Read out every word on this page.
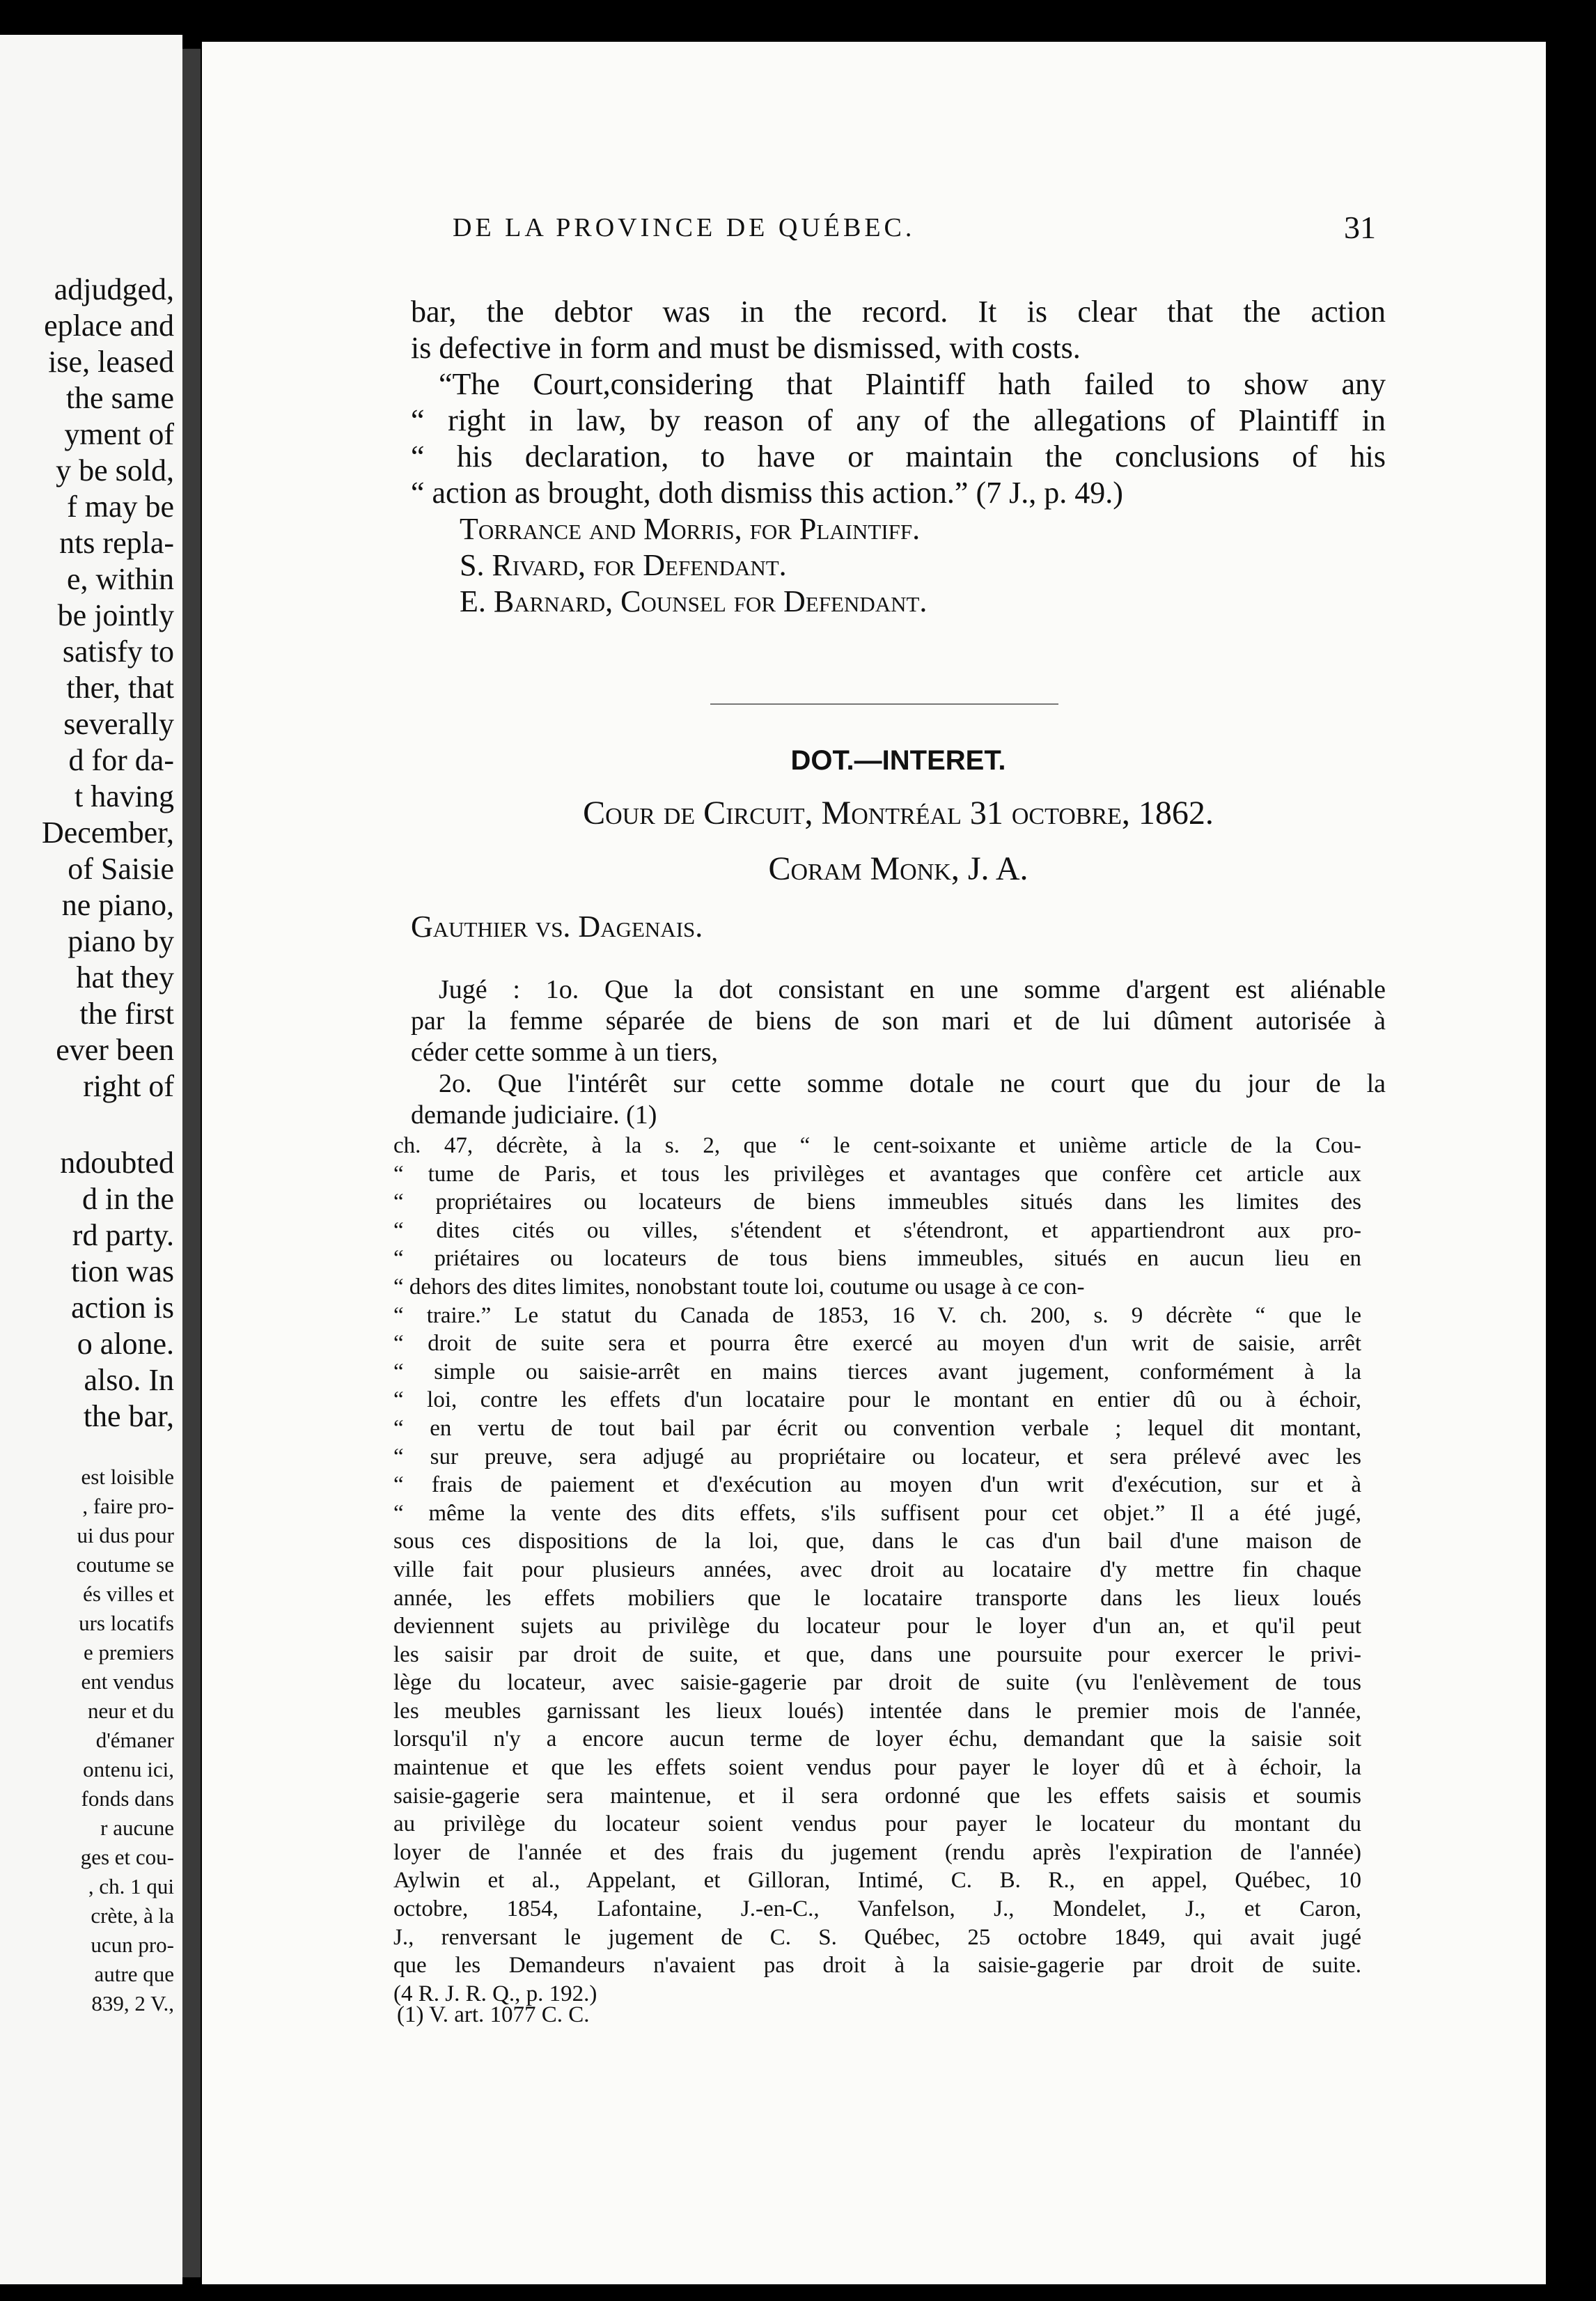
adjudged,
eplace and
ise, leased
the same
yment of
y be sold,
f may be
nts repla-
e, within
be jointly
satisfy to
ther, that
severally
d for da-
t having
December,
of Saisie
ne piano,
piano by
hat they
the first
ever been
right of
ndoubted
d in the
rd party.
tion was
action is
o alone.
also. In
the bar,
est loisible
, faire pro-
ui dus pour
coutume se
és villes et
urs locatifs
e premiers
ent vendus
neur et du
d'émaner
ontenu ici,
fonds dans
r aucune
ges et cou-
, ch. 1 qui
crète, à la
ucun pro-
autre que
839, 2 V.,
DE LA PROVINCE DE QUÉBEC.	31
bar, the debtor was in the record. It is clear that the action
is defective in form and must be dismissed, with costs.
“The Court,considering that Plaintiff hath failed to show any
“ right in law, by reason of any of the allegations of Plaintiff in
“ his declaration, to have or maintain the conclusions of his
“ action as brought, doth dismiss this action.” (7 J., p. 49.)
Torrance and Morris, for Plaintiff.
S. Rivard, for Defendant.
E. Barnard, Counsel for Defendant.
DOT.—INTERET.
Cour de Circuit, Montréal 31 octobre, 1862.
Coram Monk, J. A.
Gauthier vs. Dagenais.
Jugé : 1o. Que la dot consistant en une somme d'argent est aliénable
par la femme séparée de biens de son mari et de lui dûment autorisée à
céder cette somme à un tiers,
2o. Que l'intérêt sur cette somme dotale ne court que du jour de la
demande judiciaire. (1)
ch. 47, décrète, à la s. 2, que “ le cent-soixante et unième article de la Cou-
“ tume de Paris, et tous les privilèges et avantages que confère cet article aux
“ propriétaires ou locateurs de biens immeubles situés dans les limites des
“ dites cités ou villes, s'étendent et s'étendront, et appartiendront aux pro-
“ priétaires ou locateurs de tous biens immeubles, situés en aucun lieu en
“ dehors des dites limites, nonobstant toute loi, coutume ou usage à ce con-
“ traire.” Le statut du Canada de 1853, 16 V. ch. 200, s. 9 décrète “ que le
“ droit de suite sera et pourra être exercé au moyen d'un writ de saisie, arrêt
“ simple ou saisie-arrêt en mains tierces avant jugement, conformément à la
“ loi, contre les effets d'un locataire pour le montant en entier dû ou à échoir,
“ en vertu de tout bail par écrit ou convention verbale ; lequel dit montant,
“ sur preuve, sera adjugé au propriétaire ou locateur, et sera prélevé avec les
“ frais de paiement et d'exécution au moyen d'un writ d'exécution, sur et à
“ même la vente des dits effets, s'ils suffisent pour cet objet.” Il a été jugé,
sous ces dispositions de la loi, que, dans le cas d'un bail d'une maison de
ville fait pour plusieurs années, avec droit au locataire d'y mettre fin chaque
année, les effets mobiliers que le locataire transporte dans les lieux loués
deviennent sujets au privilège du locateur pour le loyer d'un an, et qu'il peut
les saisir par droit de suite, et que, dans une poursuite pour exercer le privi-
lège du locateur, avec saisie-gagerie par droit de suite (vu l'enlèvement de tous
les meubles garnissant les lieux loués) intentée dans le premier mois de l'année,
lorsqu'il n'y a encore aucun terme de loyer échu, demandant que la saisie soit
maintenue et que les effets soient vendus pour payer le loyer dû et à échoir, la
saisie-gagerie sera maintenue, et il sera ordonné que les effets saisis et soumis
au privilège du locateur soient vendus pour payer le locateur du montant du
loyer de l'année et des frais du jugement (rendu après l'expiration de l'année)
Aylwin et al., Appelant, et Gilloran, Intimé, C. B. R., en appel, Québec, 10
octobre, 1854, Lafontaine, J.-en-C., Vanfelson, J., Mondelet, J., et Caron,
J., renversant le jugement de C. S. Québec, 25 octobre 1849, qui avait jugé
que les Demandeurs n'avaient pas droit à la saisie-gagerie par droit de suite.
(4 R. J. R. Q., p. 192.)
(1) V. art. 1077 C. C.
